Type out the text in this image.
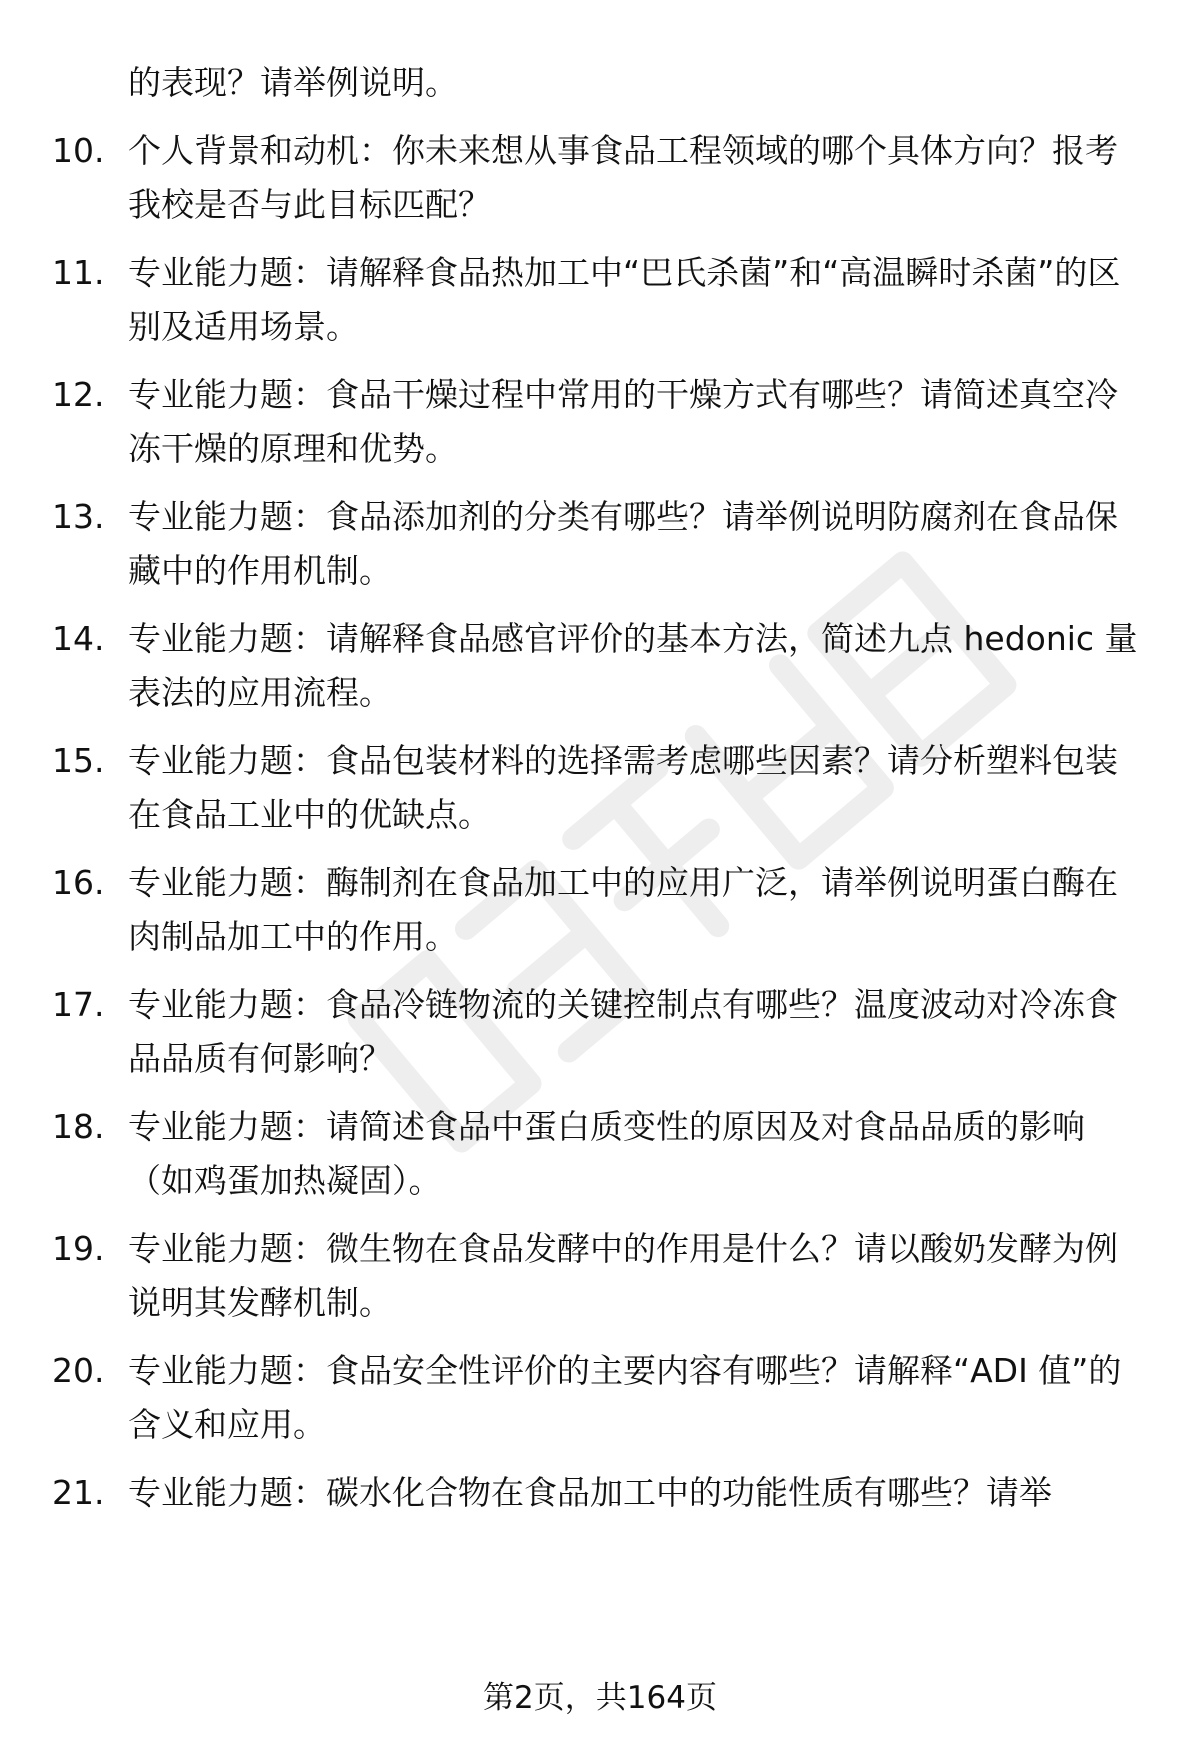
的表现？请举例说明。
10. 个人背景和动机：你未来想从事食品工程领域的哪个具体方向？报考我校是否与此目标匹配？
11. 专业能力题：请解释食品热加工中“巴氏杀菌”和“高温瞬时杀菌”的区别及适用场景。
12. 专业能力题：食品干燥过程中常用的干燥方式有哪些？请简述真空冷冻干燥的原理和优势。
13. 专业能力题：食品添加剂的分类有哪些？请举例说明防腐剂在食品保藏中的作用机制。
14. 专业能力题：请解释食品感官评价的基本方法，简述九点 hedonic 量表法的应用流程。
15. 专业能力题：食品包装材料的选择需考虑哪些因素？请分析塑料包装在食品工业中的优缺点。
16. 专业能力题：酶制剂在食品加工中的应用广泛，请举例说明蛋白酶在肉制品加工中的作用。
17. 专业能力题：食品冷链物流的关键控制点有哪些？温度波动对冷冻食品品质有何影响？
18. 专业能力题：请简述食品中蛋白质变性的原因及对食品品质的影响（如鸡蛋加热凝固）。
19. 专业能力题：微生物在食品发酵中的作用是什么？请以酸奶发酵为例说明其发酵机制。
20. 专业能力题：食品安全性评价的主要内容有哪些？请解释“ADI 值”的含义和应用。
21. 专业能力题：碳水化合物在食品加工中的功能性质有哪些？请举
第2页，共164页
